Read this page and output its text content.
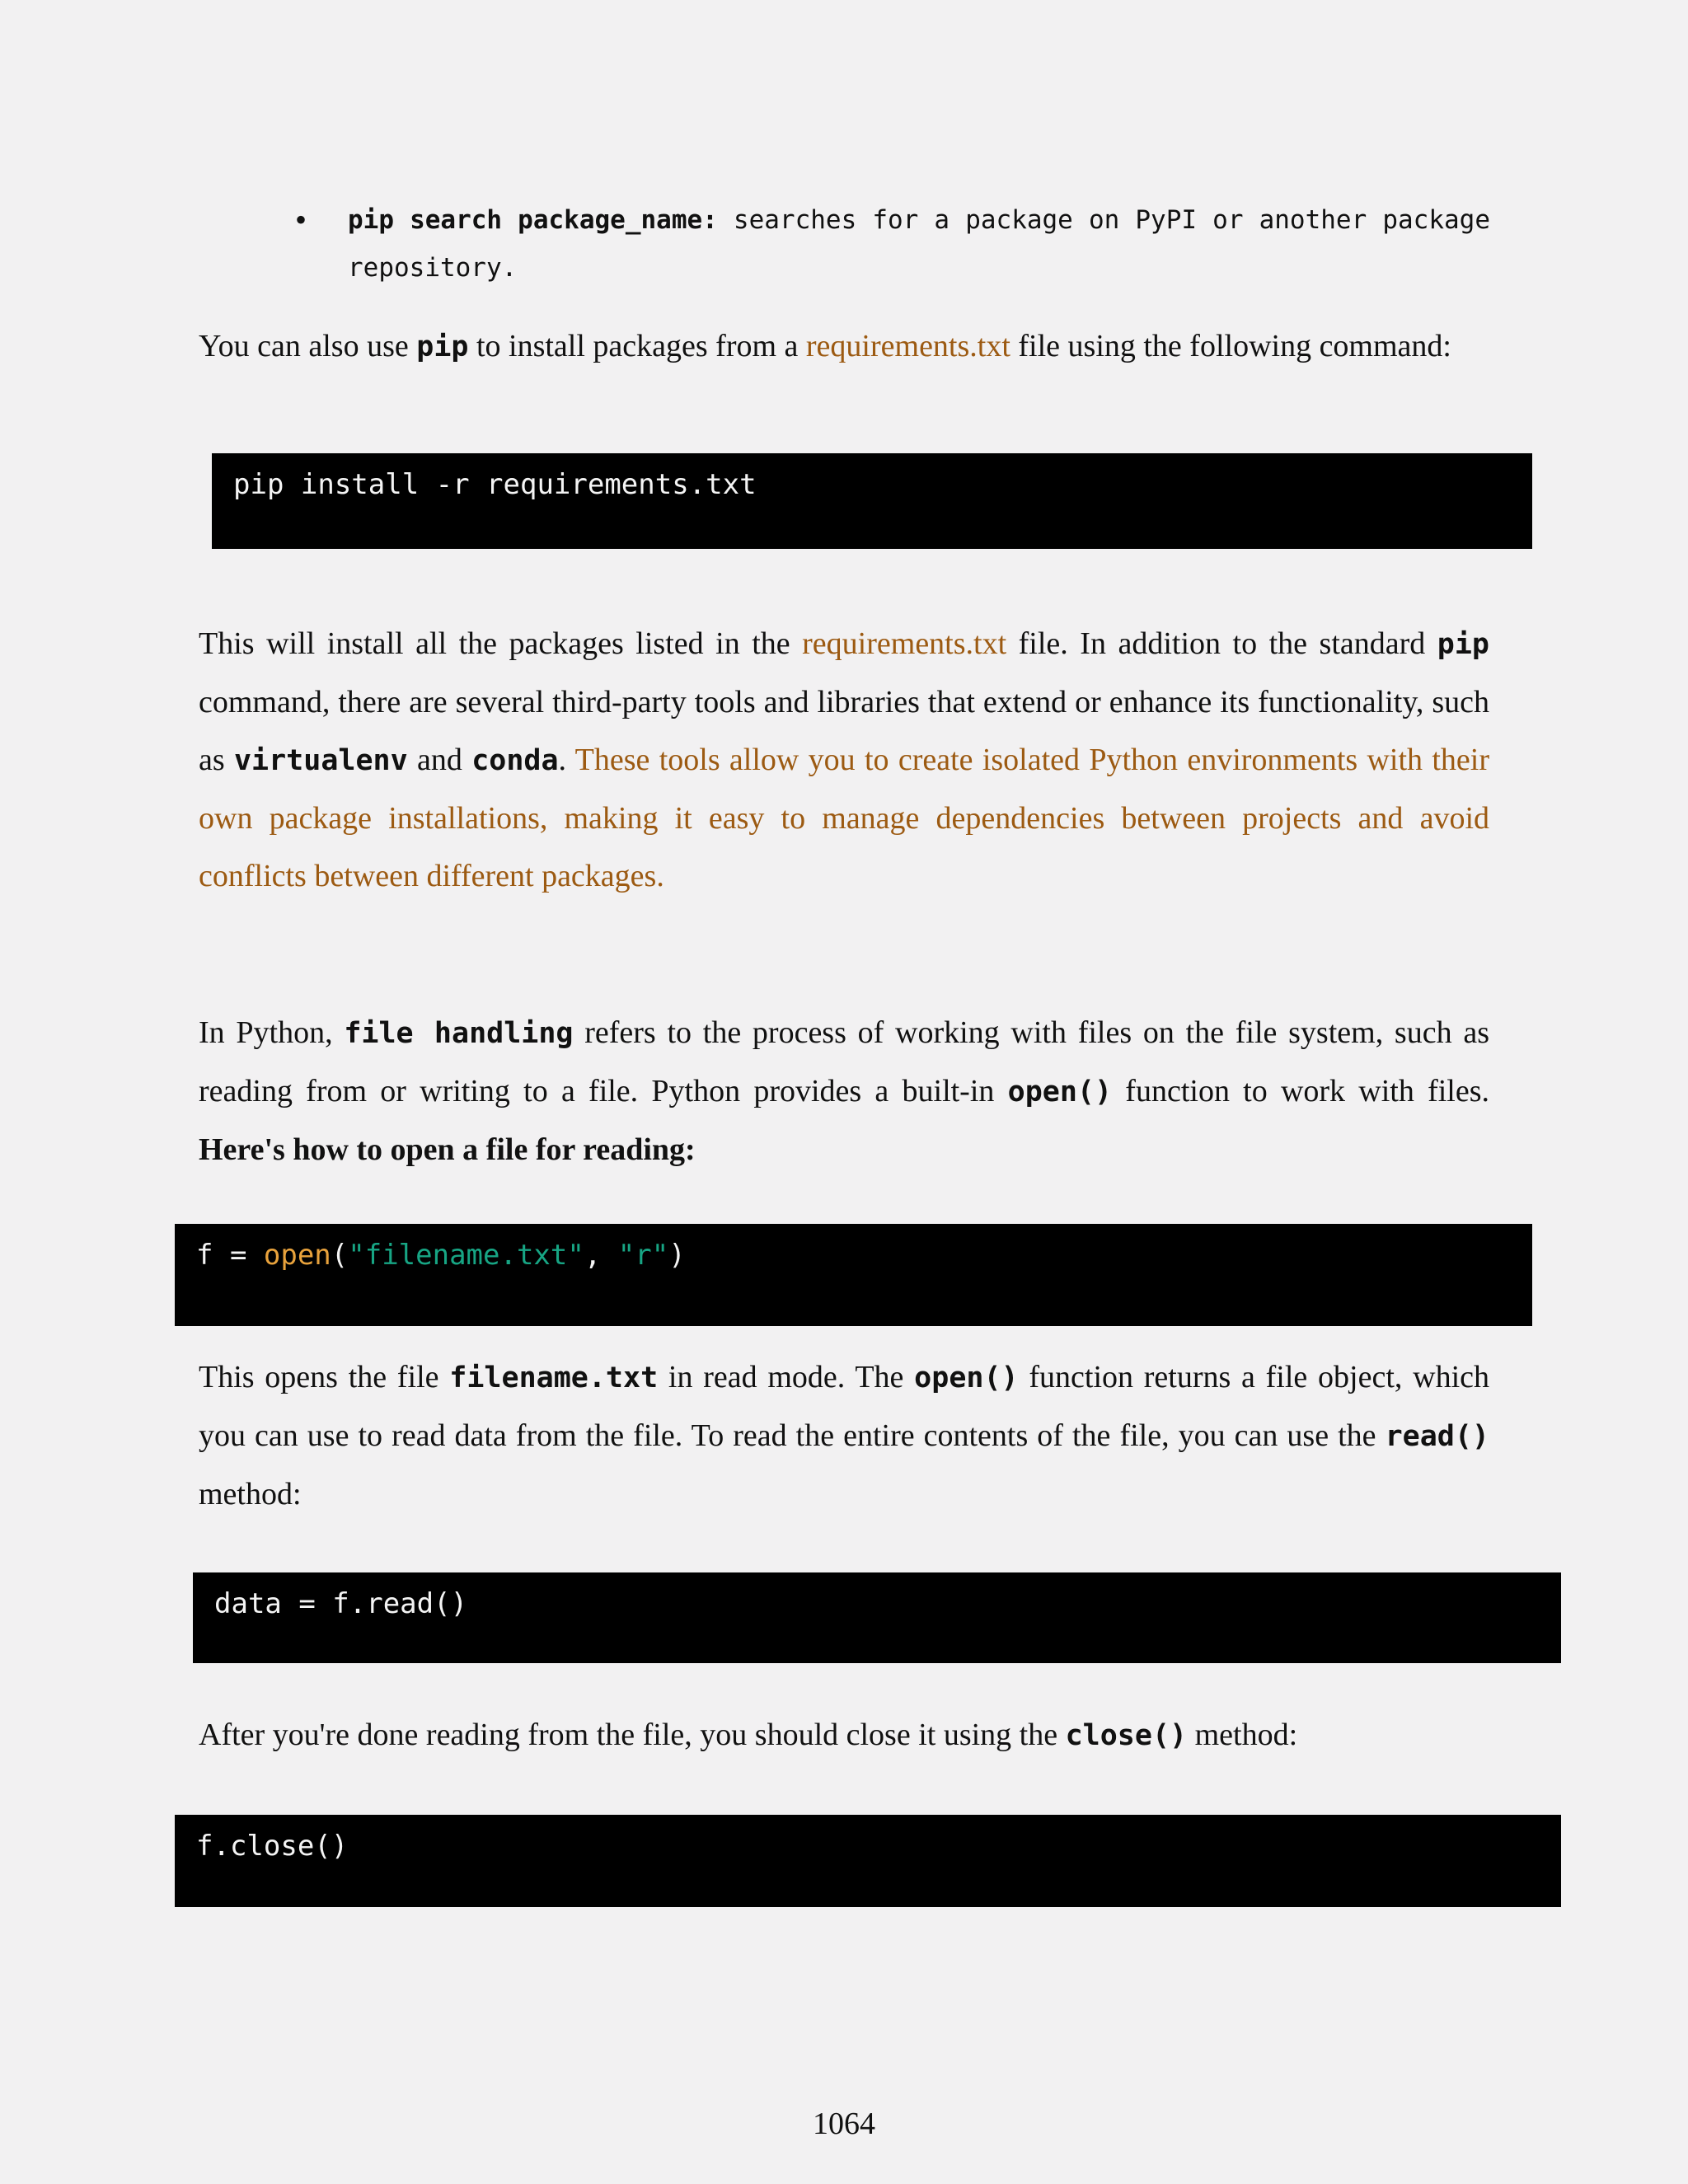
• pip search package_name: searches for a package on PyPI or another package repository.

You can also use pip to install packages from a requirements.txt file using the following command:

pip install -r requirements.txt

This will install all the packages listed in the requirements.txt file. In addition to the standard pip command, there are several third-party tools and libraries that extend or enhance its functionality, such as virtualenv and conda. These tools allow you to create isolated Python environments with their own package installations, making it easy to manage dependencies between projects and avoid conflicts between different packages.

In Python, file handling refers to the process of working with files on the file system, such as reading from or writing to a file. Python provides a built-in open() function to work with files. Here's how to open a file for reading:

f = open("filename.txt", "r")

This opens the file filename.txt in read mode. The open() function returns a file object, which you can use to read data from the file. To read the entire contents of the file, you can use the read() method:

data = f.read()

After you're done reading from the file, you should close it using the close() method:

f.close()
1064
